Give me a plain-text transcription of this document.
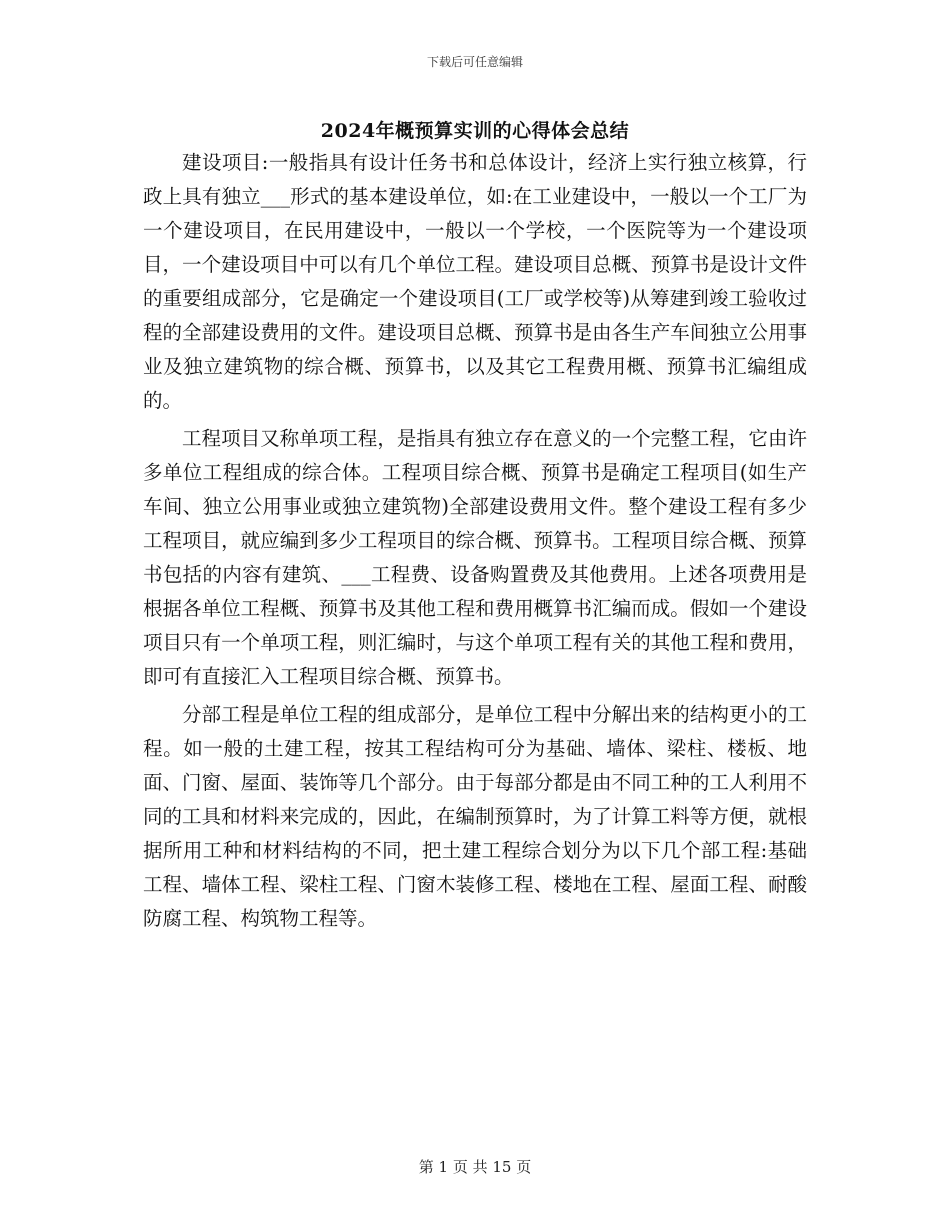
下载后可任意编辑
2024年概预算实训的心得体会总结

建设项目:一般指具有设计任务书和总体设计，经济上实行独立核算，行政上具有独立___形式的基本建设单位，如:在工业建设中，一般以一个工厂为一个建设项目，在民用建设中，一般以一个学校，一个医院等为一个建设项目，一个建设项目中可以有几个单位工程。建设项目总概、预算书是设计文件的重要组成部分，它是确定一个建设项目(工厂或学校等)从筹建到竣工验收过程的全部建设费用的文件。建设项目总概、预算书是由各生产车间独立公用事业及独立建筑物的综合概、预算书，以及其它工程费用概、预算书汇编组成的。

工程项目又称单项工程，是指具有独立存在意义的一个完整工程，它由许多单位工程组成的综合体。工程项目综合概、预算书是确定工程项目(如生产车间、独立公用事业或独立建筑物)全部建设费用文件。整个建设工程有多少工程项目，就应编到多少工程项目的综合概、预算书。工程项目综合概、预算书包括的内容有建筑、___工程费、设备购置费及其他费用。上述各项费用是根据各单位工程概、预算书及其他工程和费用概算书汇编而成。假如一个建设项目只有一个单项工程，则汇编时，与这个单项工程有关的其他工程和费用，即可有直接汇入工程项目综合概、预算书。

分部工程是单位工程的组成部分，是单位工程中分解出来的结构更小的工程。如一般的土建工程，按其工程结构可分为基础、墙体、梁柱、楼板、地面、门窗、屋面、装饰等几个部分。由于每部分都是由不同工种的工人利用不同的工具和材料来完成的，因此，在编制预算时，为了计算工料等方便，就根据所用工种和材料结构的不同，把土建工程综合划分为以下几个部工程:基础工程、墙体工程、梁柱工程、门窗木装修工程、楼地在工程、屋面工程、耐酸防腐工程、构筑物工程等。

第 1 页 共 15 页
